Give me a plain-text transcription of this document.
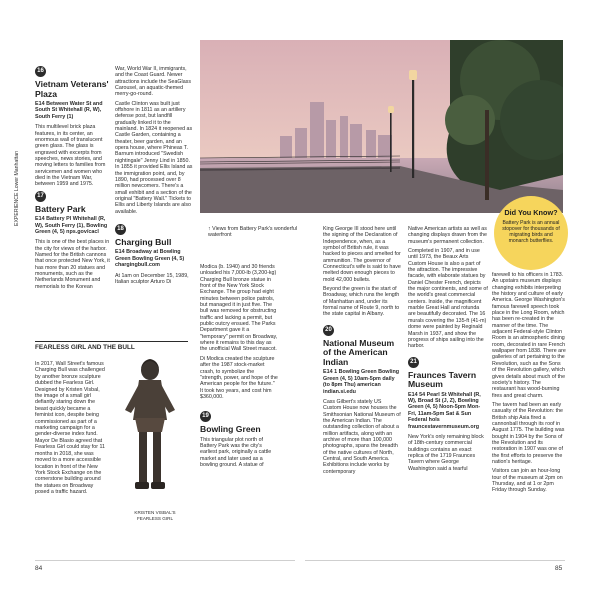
EXPERIENCE Lower Manhattan
16
Vietnam Veterans' Plaza
E14 Between Water St and South St Whitehall (R, W), South Ferry (1)

This multilevel brick plaza features, in its center, an enormous wall of translucent green glass. The glass is engraved with excerpts from speeches, news stories, and moving letters to families from servicemen and women who died in the Vietnam War, between 1959 and 1975.

17
Battery Park
E14 Battery Pl Whitehall (R, W), South Ferry (1), Bowling Green (4, 5) nps.gov/cacl

This is one of the best places in the city for views of the harbor. Named for the British cannons that once protected New York, it has more than 20 statues and monuments, such as the Netherlands Monument and memorials to the Korean

FEARLESS GIRL AND THE BULL
In 2017, Wall Street's famous Charging Bull was challenged by another bronze sculpture dubbed the Fearless Girl. Designed by Kristen Visbal, the image of a small girl defiantly staring down the beast quickly became a feminist icon, despite being commissioned as part of a marketing campaign for a gender-diverse index fund. Mayor De Blasio agreed that Fearless Girl could stay for 11 months in 2018, she was moved to a more accessible location in front of the New York Stock Exchange on the cornerstone building around the statues on Broadway posed a traffic hazard.
KRISTEN VISBAL'S FEARLESS GIRL

War, World War II, immigrants, and the Coast Guard. Newer attractions include the SeaGlass Carousel, an aquatic-themed merry-go-round.

Castle Clinton was built just offshore in 1811 as an artillery defense post, but landfill gradually linked it to the mainland. In 1824 it reopened as Castle Garden, containing a theater, beer garden, and an opera house, where Phineas T. Barnum introduced "Swedish nightingale" Jenny Lind in 1850. In 1855 it provided Ellis Island as the immigration point, and, by 1890, had processed over 8 million newcomers. There's a small exhibit and a section of the original "Battery Wall." Tickets to Ellis and Liberty Islands are also available.

18
Charging Bull
E14 Broadway at Bowling Green Bowling Green (4, 5) chargingbull.com

At 1am on December 15, 1989, Italian sculptor Arturo Di

Did You Know?
Battery Park is an annual stopover for thousands of migrating birds and monarch butterflies.
↑ Views from Battery Park's wonderful waterfront

Modica (b. 1940) and 30 friends unloaded his 7,000-lb (3,200-kg) Charging Bull bronze statue in front of the New York Stock Exchange. The group had eight minutes between police patrols, but managed it in just five. The bull was removed for obstructing traffic and lacking a permit, but public outcry ensued. The Parks Department gave it a "temporary" permit on Broadway, where it remains to this day as the unofficial Wall Street mascot.

Di Modica created the sculpture after the 1987 stock-market crash, to symbolize the "strength, power, and hope of the American people for the future." It took two years, and cost him $360,000.

19
Bowling Green

This triangular plot north of Battery Park was the city's earliest park, originally a cattle market and later used as a bowling ground. A statue of

King George III stood here until the signing of the Declaration of Independence, when, as a symbol of British rule, it was hacked to pieces and smelted for ammunition. The governor of Connecticut's wife is said to have melted down enough pieces to mold 42,000 bullets.

Beyond the green is the start of Broadway, which runs the length of Manhattan and, under its formal name of Route 9, north to the state capital in Albany.

20
National Museum of the American Indian
E14 1 Bowling Green Bowling Green (4, 5) 10am-5pm daily (to 8pm Thu) american indian.si.edu

Cass Gilbert's stately US Custom House now houses the Smithsonian National Museum of the American Indian. The outstanding collection of about a million artifacts, along with an archive of more than 100,000 photographs, spans the breadth of the native cultures of North, Central, and South America. Exhibitions include works by contemporary

Native American artists as well as changing displays drawn from the museum's permanent collection.

Completed in 1907, and in use until 1973, the Beaux Arts Custom House is also a part of the attraction. The impressive facade, with elaborate statues by Daniel Chester French, depicts the major continents, and some of the world's great commercial centers. Inside, the magnificent marble Great Hall and rotunda are beautifully decorated. The 16 murals covering the 135-ft (41-m) dome were painted by Reginald Marsh in 1937, and show the progress of ships sailing into the harbor.

21
Fraunces Tavern Museum
E14 54 Pearl St Whitehall (R, W), Broad St (J, Z), Bowling Green (4, 5) Noon-5pm Mon-Fri, 11am-5pm Sat & Sun Federal hols frauncestavernmuseum.org

New York's only remaining block of 18th-century commercial buildings contains an exact replica of the 1719 Fraunces Tavern where George Washington said a tearful

farewell to his officers in 1783. An upstairs museum displays changing exhibits interpreting the history and culture of early America. George Washington's famous farewell speech took place in the Long Room, which has been re-created in the manner of the time. The adjacent Federal-style Clinton Room is an atmospheric dining room, decorated in rare French wallpaper from 1838. There are galleries of art pertaining to the Revolution, such as the Sons of the Revolution gallery, which gives details about much of the society's history. The restaurant has wood-burning fires and great charm.

The tavern had been an early casualty of the Revolution: the British ship Asia fired a cannonball through its roof in August 1775. The building was bought in 1904 by the Sons of the Revolution and its restoration in 1907 was one of the first efforts to preserve the nation's heritage.

Visitors can join an hour-long tour of the museum at 2pm on Thursday, and at 1 or 2pm Friday through Sunday.

84	85
